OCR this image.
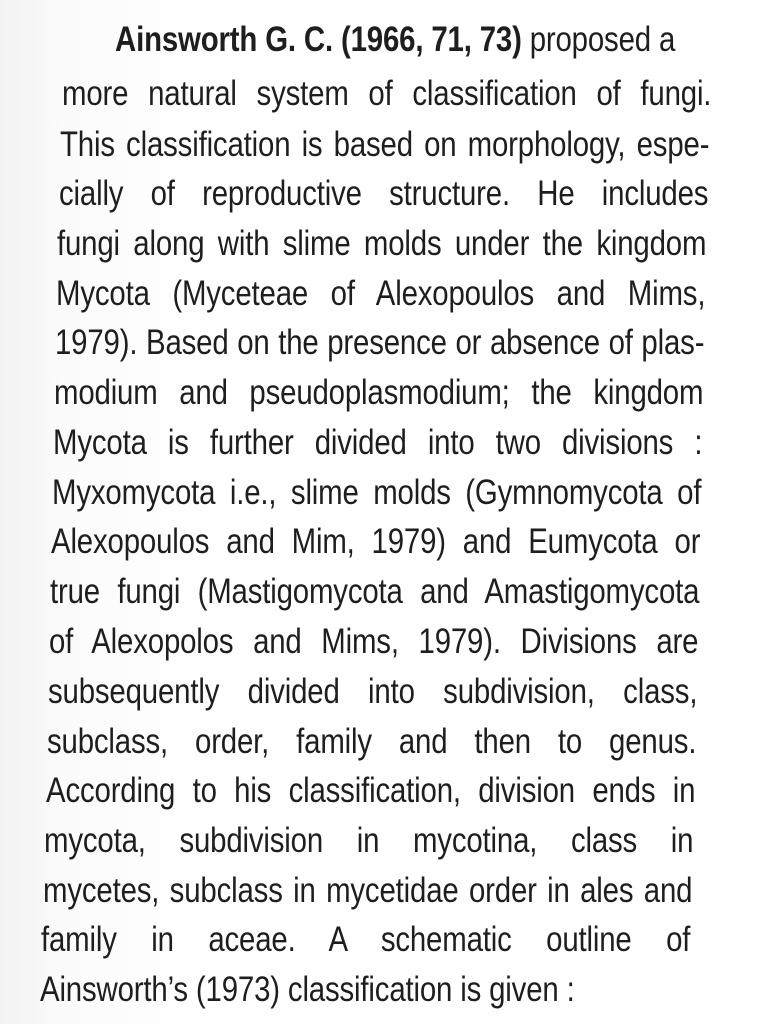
Ainsworth G. C. (1966, 71, 73) proposed a
more natural system of classification of fungi.
This classification is based on morphology, espe-
cially of reproductive structure. He includes
fungi along with slime molds under the kingdom
Mycota (Myceteae of Alexopoulos and Mims,
1979). Based on the presence or absence of plas-
modium and pseudoplasmodium; the kingdom
Mycota is further divided into two divisions :
Myxomycota i.e., slime molds (Gymnomycota of
Alexopoulos and Mim, 1979) and Eumycota or
true fungi (Mastigomycota and Amastigomycota
of Alexopolos and Mims, 1979). Divisions are
subsequently divided into subdivision, class,
subclass, order, family and then to genus.
According to his classification, division ends in
mycota, subdivision in mycotina, class in
mycetes, subclass in mycetidae order in ales and
family in aceae. A schematic outline of
Ainsworth’s (1973) classification is given :
